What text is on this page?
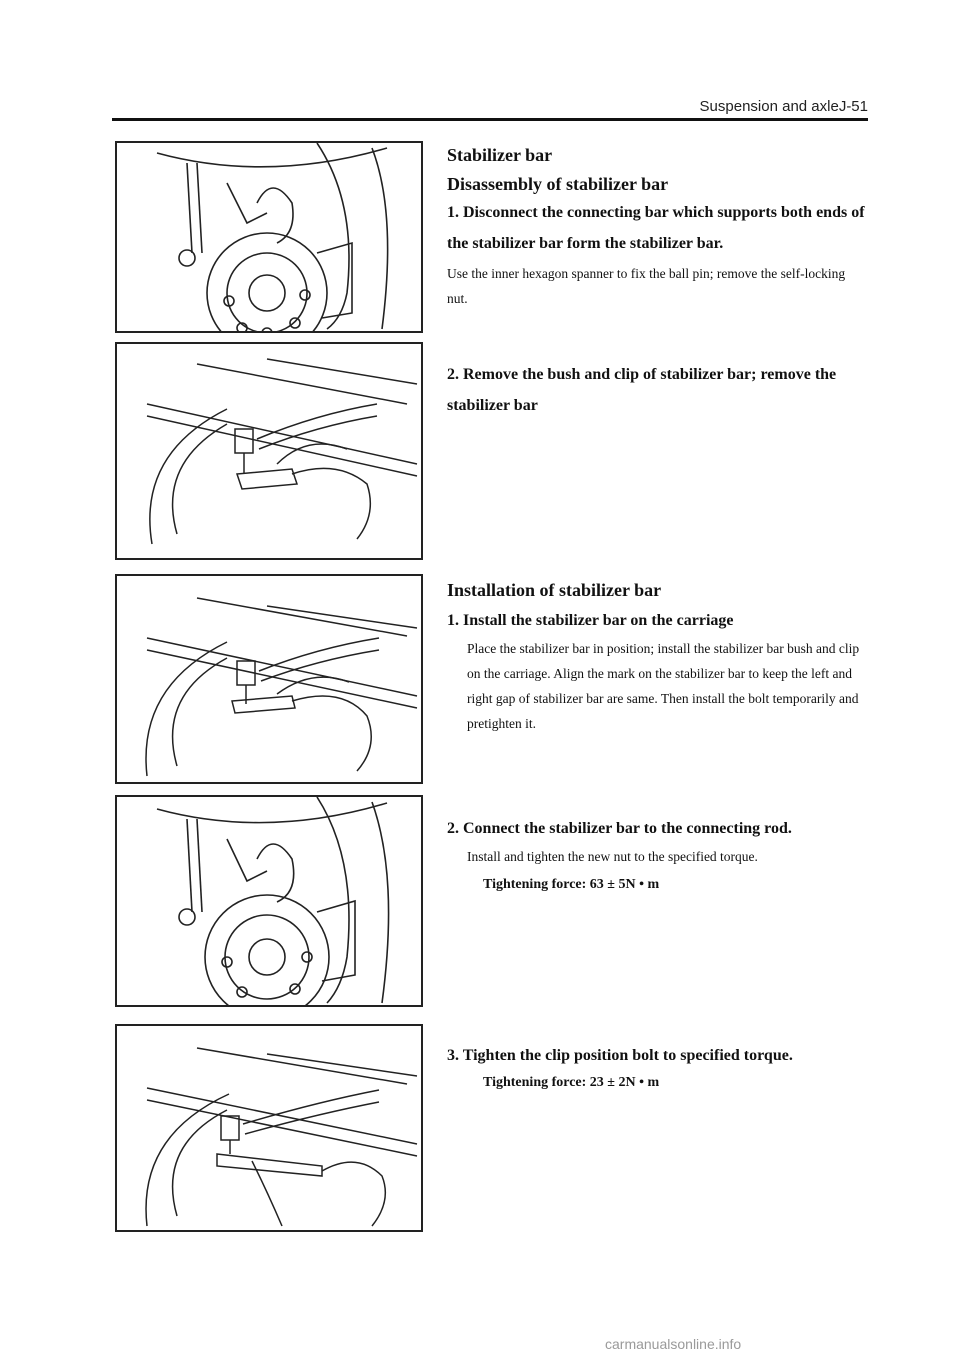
Suspension and axleJ-51
Stabilizer bar
Disassembly of stabilizer bar

1. Disconnect the connecting bar which supports both ends of the stabilizer bar form the stabilizer bar.

Use the inner hexagon spanner to fix the ball pin; remove the self-locking nut.

2. Remove the bush and clip of stabilizer bar; remove the stabilizer bar

Installation of stabilizer bar

1. Install the stabilizer bar on the carriage

Place the stabilizer bar in position; install the stabilizer bar bush and clip on the carriage. Align the mark on the stabilizer bar to keep the left and right gap of stabilizer bar are same. Then install the bolt temporarily and pretighten it.

2. Connect the stabilizer bar to the connecting rod.

Install and tighten the new nut to the specified torque.

Tightening force: 63 ± 5N • m

3. Tighten the clip position bolt to specified torque.

Tightening force: 23 ± 2N • m

carmanualsonline.info
